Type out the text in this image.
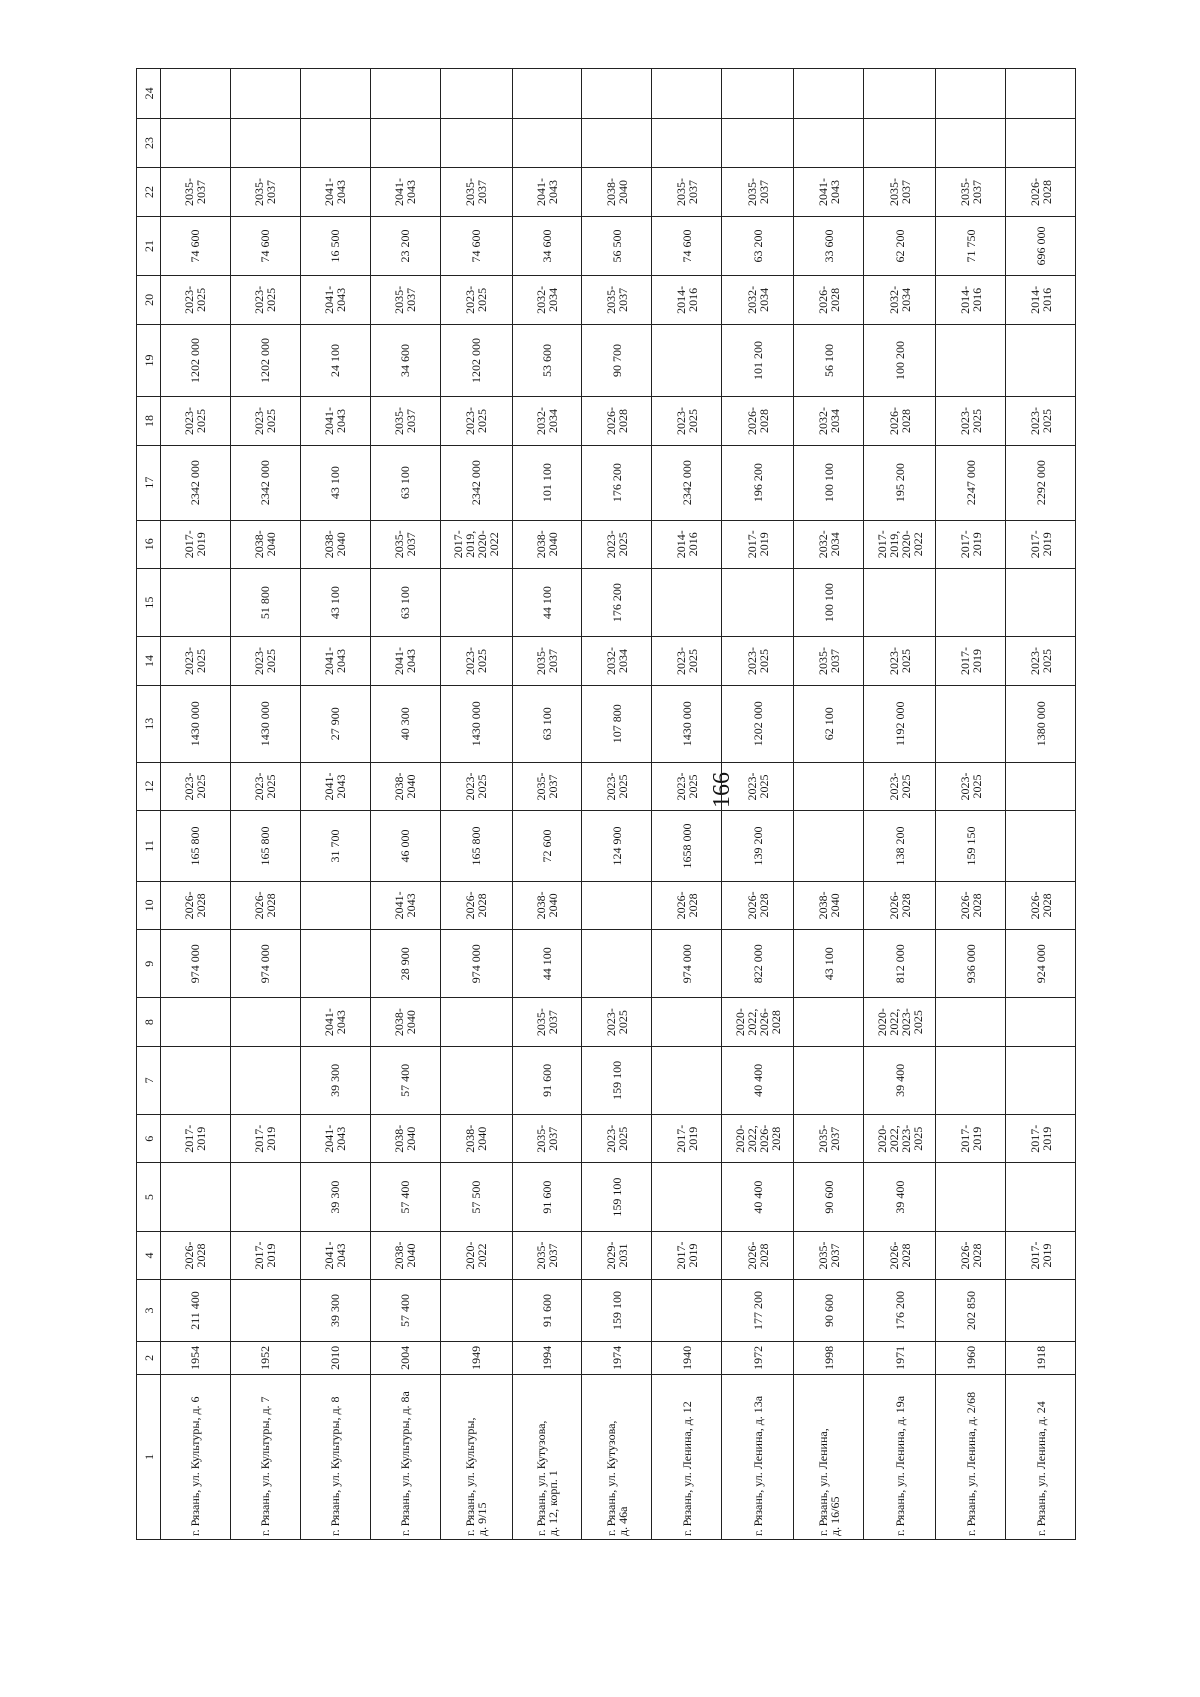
166
1	2	3	4	5	6	7	8	9	10	11	12	13	14	15	16	17	18	19	20	21	22	23	24
г. Рязань, ул. Культуры, д. 6	1954	211 400	2026-
2028		2017-
2019			974 000	2026-
2028	165 800	2023-
2025	1430 000	2023-
2025		2017-
2019	2342 000	2023-
2025	1202 000	2023-
2025	74 600	2035-
2037		
г. Рязань, ул. Культуры, д. 7	1952		2017-
2019		2017-
2019			974 000	2026-
2028	165 800	2023-
2025	1430 000	2023-
2025	51 800	2038-
2040	2342 000	2023-
2025	1202 000	2023-
2025	74 600	2035-
2037		
г. Рязань, ул. Культуры, д. 8	2010	39 300	2041-
2043	39 300	2041-
2043	39 300	2041-
2043			31 700	2041-
2043	27 900	2041-
2043	43 100	2038-
2040	43 100	2041-
2043	24 100	2041-
2043	16 500	2041-
2043		
г. Рязань, ул. Культуры, д. 8а	2004	57 400	2038-
2040	57 400	2038-
2040	57 400	2038-
2040	28 900	2041-
2043	46 000	2038-
2040	40 300	2041-
2043	63 100	2035-
2037	63 100	2035-
2037	34 600	2035-
2037	23 200	2041-
2043		
г. Рязань, ул. Культуры,
д. 9/15	1949		2020-
2022	57 500	2038-
2040			974 000	2026-
2028	165 800	2023-
2025	1430 000	2023-
2025		2017-
2019,
2020-
2022	2342 000	2023-
2025	1202 000	2023-
2025	74 600	2035-
2037		
г. Рязань, ул. Кутузова,
д. 12, корп. 1	1994	91 600	2035-
2037	91 600	2035-
2037	91 600	2035-
2037	44 100	2038-
2040	72 600	2035-
2037	63 100	2035-
2037	44 100	2038-
2040	101 100	2032-
2034	53 600	2032-
2034	34 600	2041-
2043		
г. Рязань, ул. Кутузова,
д. 46а	1974	159 100	2029-
2031	159 100	2023-
2025	159 100	2023-
2025			124 900	2023-
2025	107 800	2032-
2034	176 200	2023-
2025	176 200	2026-
2028	90 700	2035-
2037	56 500	2038-
2040		
г. Рязань, ул. Ленина, д. 12	1940		2017-
2019		2017-
2019			974 000	2026-
2028	1658 000	2023-
2025	1430 000	2023-
2025		2014-
2016	2342 000	2023-
2025		2014-
2016	74 600	2035-
2037		
г. Рязань, ул. Ленина, д. 13а	1972	177 200	2026-
2028	40 400	2020-
2022,
2026-
2028	40 400	2020-
2022,
2026-
2028	822 000	2026-
2028	139 200	2023-
2025	1202 000	2023-
2025		2017-
2019	196 200	2026-
2028	101 200	2032-
2034	63 200	2035-
2037		
г. Рязань, ул. Ленина,
д. 16/65	1998	90 600	2035-
2037	90 600	2035-
2037			43 100	2038-
2040			62 100	2035-
2037	100 100	2032-
2034	100 100	2032-
2034	56 100	2026-
2028	33 600	2041-
2043		
г. Рязань, ул. Ленина, д. 19а	1971	176 200	2026-
2028	39 400	2020-
2022,
2023-
2025	39 400	2020-
2022,
2023-
2025	812 000	2026-
2028	138 200	2023-
2025	1192 000	2023-
2025		2017-
2019,
2020-
2022	195 200	2026-
2028	100 200	2032-
2034	62 200	2035-
2037		
г. Рязань, ул. Ленина, д. 2/68	1960	202 850	2026-
2028		2017-
2019			936 000	2026-
2028	159 150	2023-
2025		2017-
2019		2017-
2019	2247 000	2023-
2025		2014-
2016	71 750	2035-
2037		
г. Рязань, ул. Ленина, д. 24	1918		2017-
2019		2017-
2019			924 000	2026-
2028			1380 000	2023-
2025		2017-
2019	2292 000	2023-
2025		2014-
2016	696 000	2026-
2028		
